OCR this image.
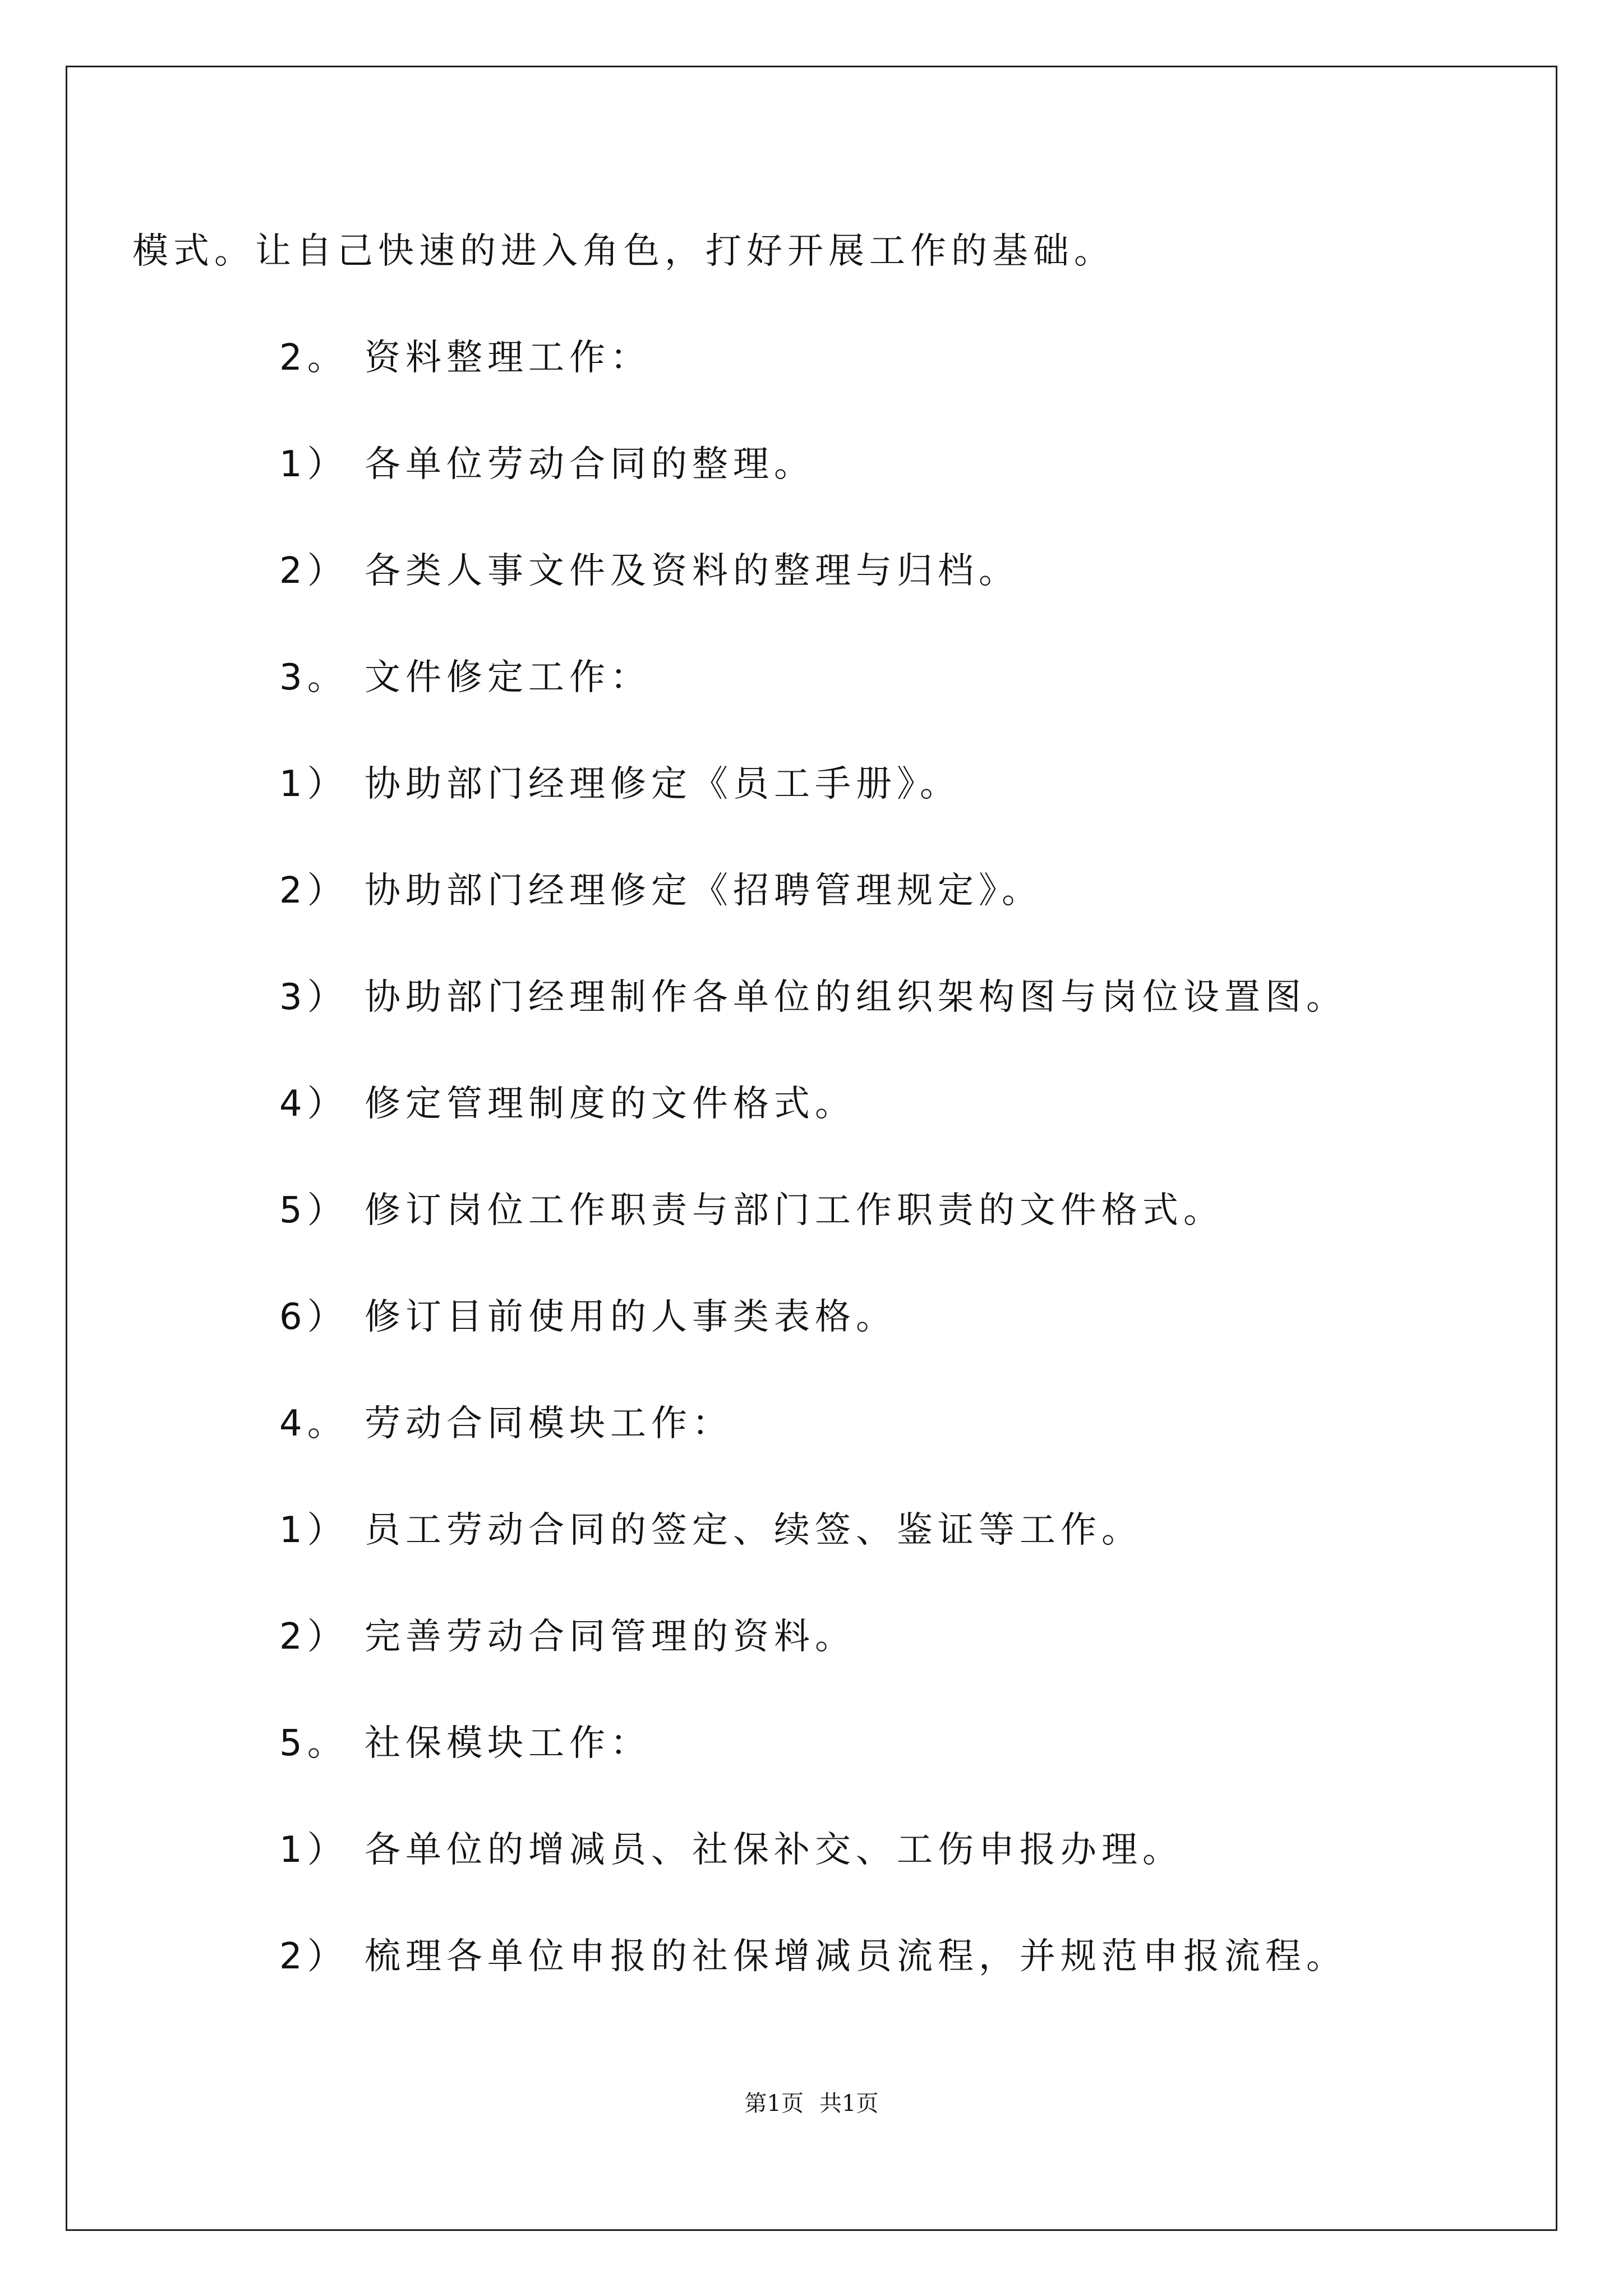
模式。让自己快速的进入角色，打好开展工作的基础。
2。 资料整理工作：
1） 各单位劳动合同的整理。
2） 各类人事文件及资料的整理与归档。
3。 文件修定工作：
1） 协助部门经理修定《员工手册》。
2） 协助部门经理修定《招聘管理规定》。
3） 协助部门经理制作各单位的组织架构图与岗位设置图。
4） 修定管理制度的文件格式。
5） 修订岗位工作职责与部门工作职责的文件格式。
6） 修订目前使用的人事类表格。
4。 劳动合同模块工作：
1） 员工劳动合同的签定、续签、鉴证等工作。
2） 完善劳动合同管理的资料。
5。 社保模块工作：
1） 各单位的增减员、社保补交、工伤申报办理。
2） 梳理各单位申报的社保增减员流程，并规范申报流程。
第1页 共1页
